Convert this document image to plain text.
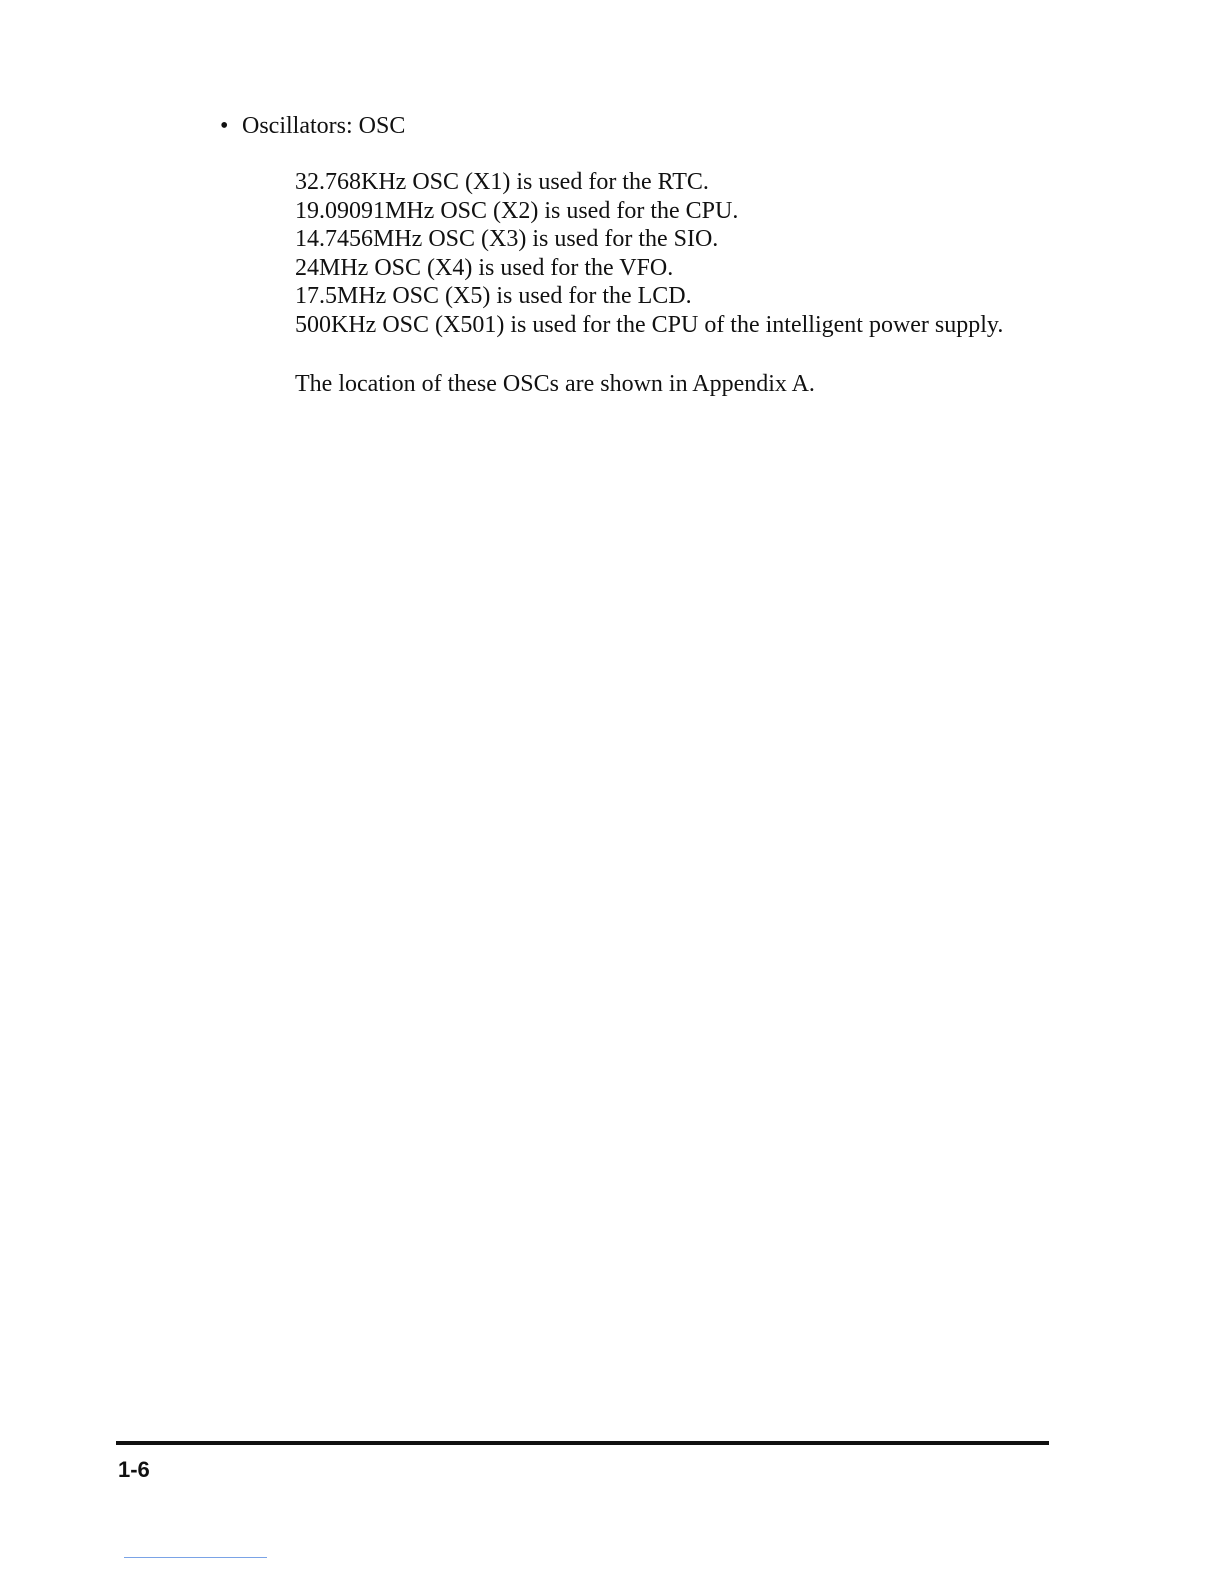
• Oscillators: OSC
32.768KHz OSC (X1) is used for the RTC.
19.09091MHz OSC (X2) is used for the CPU.
14.7456MHz OSC (X3) is used for the SIO.
24MHz OSC (X4) is used for the VFO.
17.5MHz OSC (X5) is used for the LCD.
500KHz OSC (X501) is used for the CPU of the intelligent power supply.
The location of these OSCs are shown in Appendix A.
1-6
